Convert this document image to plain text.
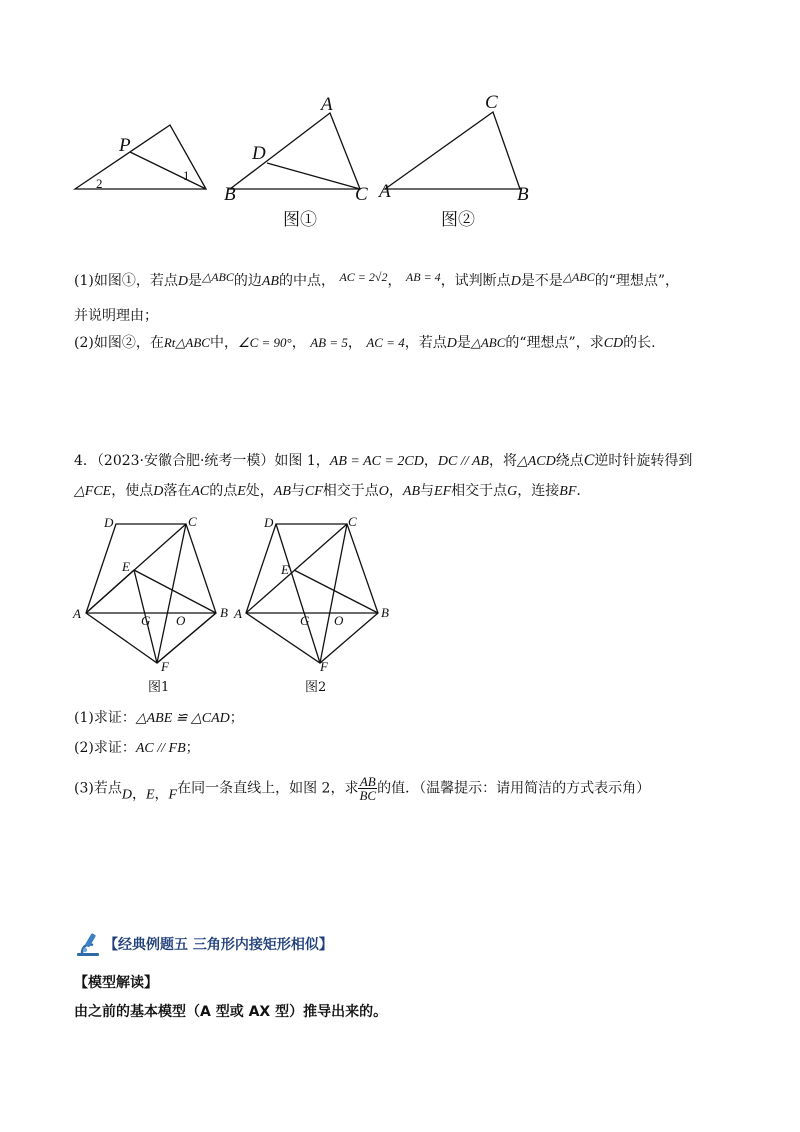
P
2
1
A
D
B	C
C
A	B
图①	图②
(1)如图①，若点D是△ABC的边AB的中点， AC = 2√2， AB = 4，试判断点D是不是△ABC的“理想点”，
并说明理由；
(2)如图②，在Rt△ABC中，∠C = 90°， AB = 5， AC = 4，若点D是△ABC的“理想点”，求CD的长.
4．（2023·安徽合肥·统考一模）如图 1，AB = AC = 2CD，DC // AB，将△ACD绕点C逆时针旋转得到
△FCE，使点D落在AC的点E处，AB与CF相交于点O，AB与EF相交于点G，连接BF.
D	C
E
A	B
G O
F
D	C
E
A	B
G O
F
图1	图2
(1)求证：△ABE ≌ △CAD；
(2)求证：AC // FB；
(3)若点D，E，F在同一条直线上，如图 2，求 $\frac{AB}{BC}$ 的值．（温馨提示：请用简洁的方式表示角）
【经典例题五 三角形内接矩形相似】
【模型解读】
由之前的基本模型（A 型或 AX 型）推导出来的。
